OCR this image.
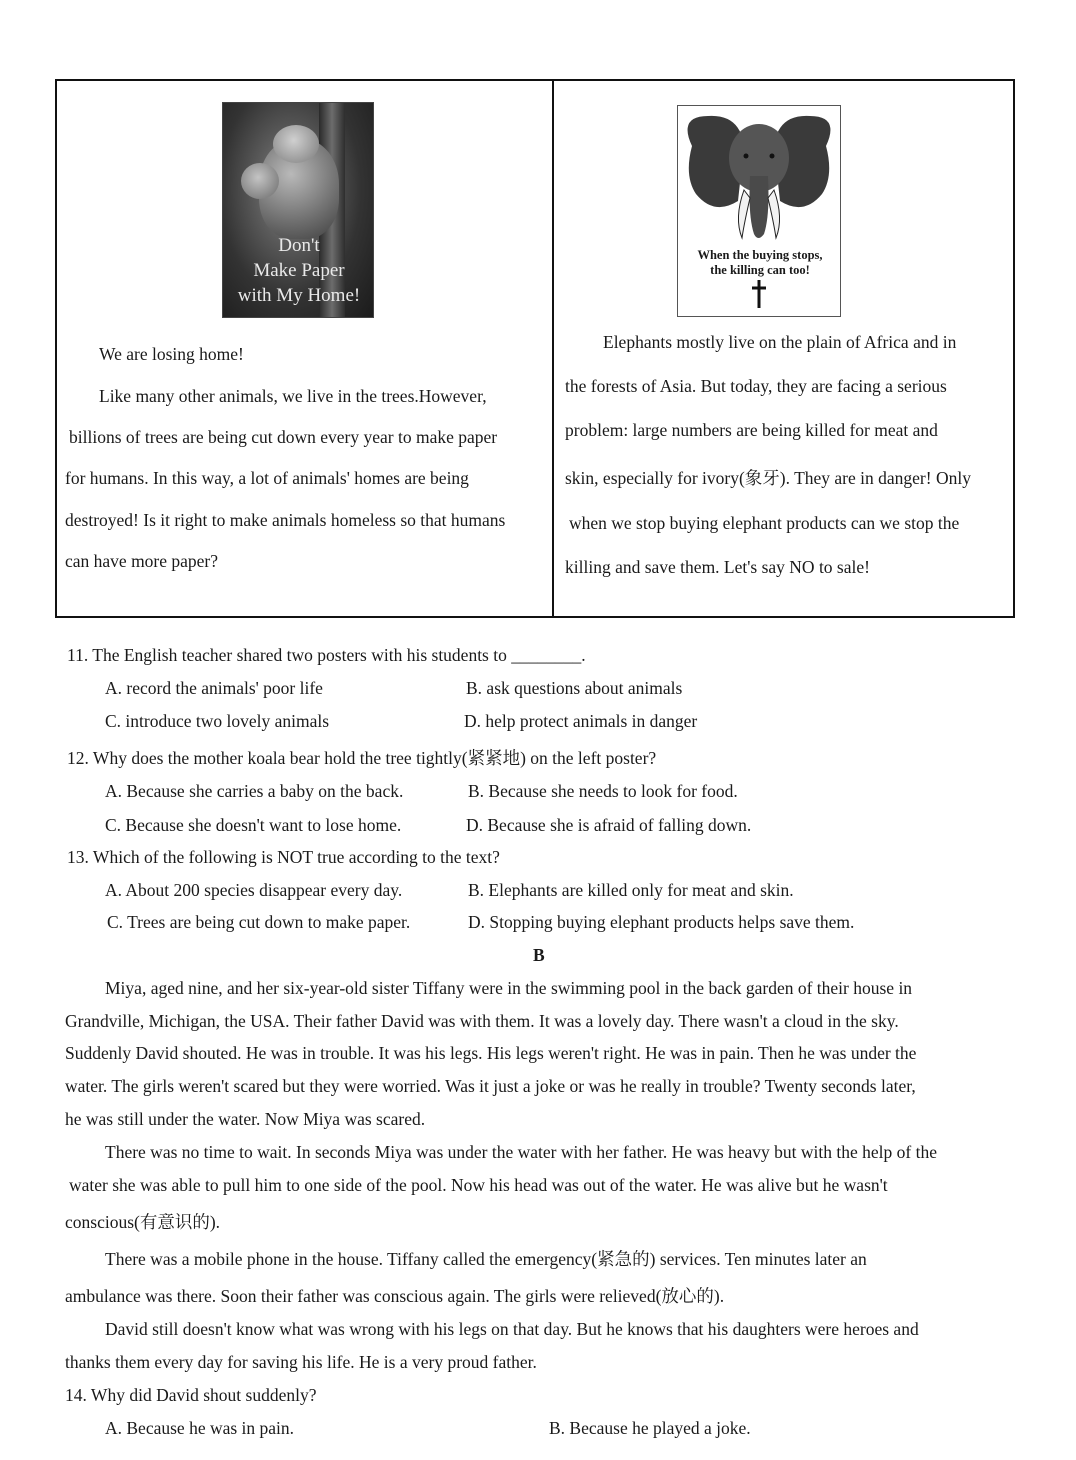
Don't
Make Paper
with My Home!
When the buying stops,
the killing can too!
We are losing home!
Like many other animals, we live in the trees.However,
billions of trees are being cut down every year to make paper
for humans. In this way, a lot of animals' homes are being
destroyed! Is it right to make animals homeless so that humans
can have more paper?
Elephants mostly live on the plain of Africa and in
the forests of Asia. But today, they are facing a serious
problem: large numbers are being killed for meat and
skin, especially for ivory(象牙). They are in danger! Only
when we stop buying elephant products can we stop the
killing and save them. Let's say NO to sale!
11. The English teacher shared two posters with his students to ________.
A. record the animals' poor life	B. ask questions about animals
C. introduce two lovely animals	D. help protect animals in danger
12. Why does the mother koala bear hold the tree tightly(紧紧地) on the left poster?
A. Because she carries a baby on the back.	B. Because she needs to look for food.
C. Because she doesn't want to lose home.	D. Because she is afraid of falling down.
13. Which of the following is NOT true according to the text?
A. About 200 species disappear every day.	B. Elephants are killed only for meat and skin.
C. Trees are being cut down to make paper.	D. Stopping buying elephant products helps save them.
B
Miya, aged nine, and her six-year-old sister Tiffany were in the swimming pool in the back garden of their house in
Grandville, Michigan, the USA. Their father David was with them. It was a lovely day. There wasn't a cloud in the sky.
Suddenly David shouted. He was in trouble. It was his legs. His legs weren't right. He was in pain. Then he was under the
water. The girls weren't scared but they were worried. Was it just a joke or was he really in trouble? Twenty seconds later,
he was still under the water. Now Miya was scared.
There was no time to wait. In seconds Miya was under the water with her father. He was heavy but with the help of the
water she was able to pull him to one side of the pool. Now his head was out of the water. He was alive but he wasn't
conscious(有意识的).
There was a mobile phone in the house. Tiffany called the emergency(紧急的) services. Ten minutes later an
ambulance was there. Soon their father was conscious again. The girls were relieved(放心的).
David still doesn't know what was wrong with his legs on that day. But he knows that his daughters were heroes and
thanks them every day for saving his life. He is a very proud father.
14. Why did David shout suddenly?
A. Because he was in pain.	B. Because he played a joke.
